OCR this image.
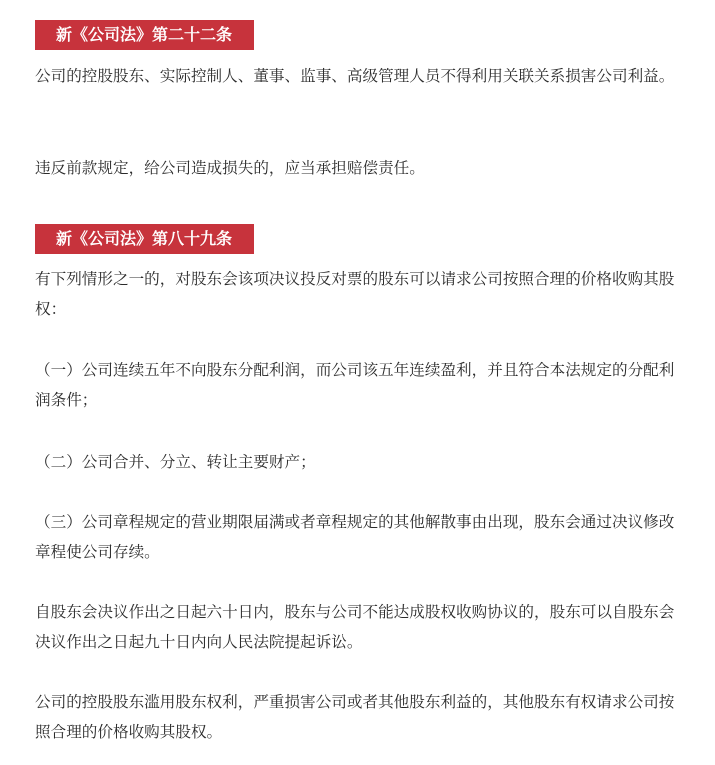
新《公司法》第二十二条

公司的控股股东、实际控制人、董事、监事、高级管理人员不得利用关联关系损害公司利益。

违反前款规定，给公司造成损失的，应当承担赔偿责任。

新《公司法》第八十九条

有下列情形之一的，对股东会该项决议投反对票的股东可以请求公司按照合理的价格收购其股权：

（一）公司连续五年不向股东分配利润，而公司该五年连续盈利，并且符合本法规定的分配利润条件；

（二）公司合并、分立、转让主要财产；

（三）公司章程规定的营业期限届满或者章程规定的其他解散事由出现，股东会通过决议修改章程使公司存续。

自股东会决议作出之日起六十日内，股东与公司不能达成股权收购协议的，股东可以自股东会决议作出之日起九十日内向人民法院提起诉讼。

公司的控股股东滥用股东权利，严重损害公司或者其他股东利益的，其他股东有权请求公司按照合理的价格收购其股权。
